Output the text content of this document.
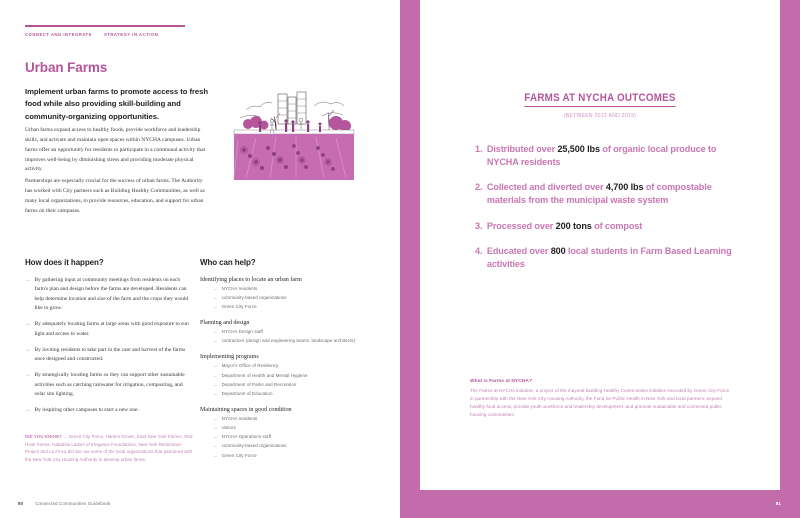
CONNECT AND INTEGRATE	STRATEGY IN ACTION
Urban Farms
Implement urban farms to promote access to fresh food while also providing skill-building and community-organizing opportunities.
Urban farms expand access to healthy foods, provide workforce and leadership skills, and activate and maintain open spaces within NYCHA campuses. Urban farms offer an opportunity for residents to participate in a communal activity that improves well-being by diminishing stress and providing moderate physical activity.
Partnerships are especially crucial for the success of urban farms. The Authority has worked with City partners such as Building Healthy Communities, as well as many local organizations, to provide resources, education, and support for urban farms on their campuses.
How does it happen?
→ By gathering input at community meetings from residents on each farm's plan and design before the farms are developed. Residents can help determine location and size of the farm and the crops they would like to grow.
→ By adequately locating farms at large areas with good exposure to sun light and access to water.
→ By inviting residents to take part in the care and harvest of the farms once designed and constructed.
→ By strategically locating farms so they can support other sustainable activities such as catching rainwater for irrigation, composting, and solar site lighting.
→ By inspiring other campuses to start a new one.
Who can help?
Identifying places to locate an urban farm
→ NYCHA residents
→ community-based organizations
→ Green City Force
Planning and design
→ NYCHA Design staff
→ contractors (design and engineering teams, landscape architects)
Implementing programs
→ Mayor's Office of Resiliency
→ Department of Health and Mental Hygiene
→ Department of Parks and Recreation
→ Department of Education
Maintaining spaces in good condition
→ NYCHA residents
→ visitors
→ NYCHA Operations staff
→ community-based organizations
→ Green City Force
DID YOU KNOW? → Green City Force, Harlem Grown, East New York Farms!, Red Hook Farms, Isabahlia Ladies of Elegance Foundations, New York Restoration Project and La Finca del Sur are some of the local organizations that partnered with the New York City Housing Authority to develop urban farms.
80	Connected Communities Guidebook
FARMS AT NYCHA OUTCOMES
(BETWEEN 2012 AND 2019)
1. Distributed over 25,500 lbs of organic local produce to NYCHA residents
2. Collected and diverted over 4,700 lbs of compostable materials from the municipal waste system
3. Processed over 200 tons of compost
4. Educated over 800 local students in Farm Based Learning activities
What is Farms at NYCHA?
The Farms at NYCHA initiative, a project of the mayoral Building Healthy Communities initiative executed by Green City Force in partnership with the New York City Housing Authority, the Fund for Public Health in New York and local partners, expand healthy food access, provide youth workforce and leadership development, and promote sustainable and connected public housing communities.
81
